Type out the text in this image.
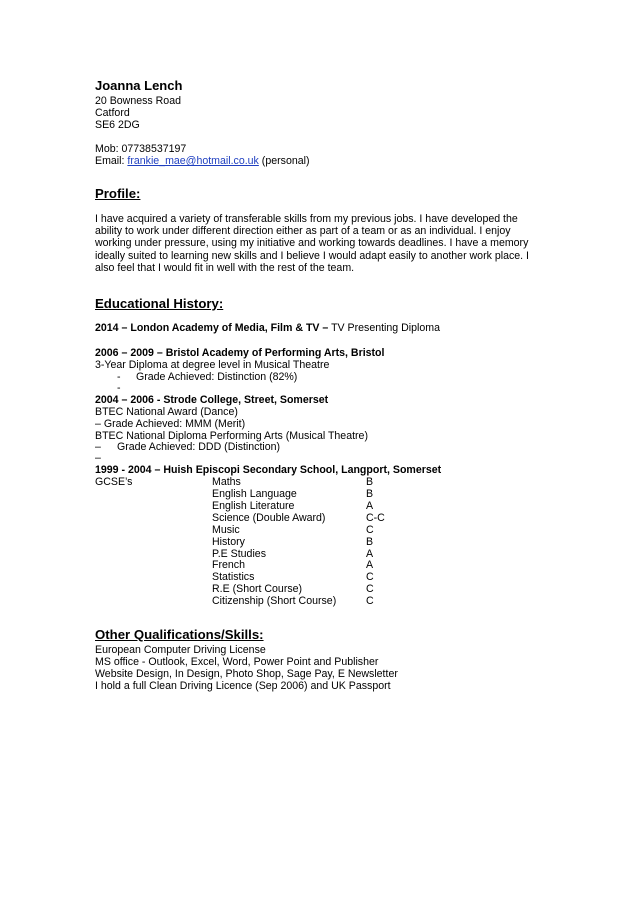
Joanna Lench
20 Bowness Road
Catford
SE6 2DG
Mob: 07738537197
Email: frankie_mae@hotmail.co.uk (personal)
Profile:
I have acquired a variety of transferable skills from my previous jobs. I have developed the
ability to work under different direction either as part of a team or as an individual. I enjoy
working under pressure, using my initiative and working towards deadlines. I have a memory
ideally suited to learning new skills and I believe I would adapt easily to another work place. I
also feel that I would fit in well with the rest of the team.
Educational History:
2014 – London Academy of Media, Film & TV – TV Presenting Diploma
2006 – 2009 – Bristol Academy of Performing Arts, Bristol
3-Year Diploma at degree level in Musical Theatre
- Grade Achieved: Distinction (82%)
-
2004 – 2006 - Strode College, Street, Somerset
BTEC National Award (Dance)
– Grade Achieved: MMM (Merit)
BTEC National Diploma Performing Arts (Musical Theatre)
– Grade Achieved: DDD (Distinction)
–
1999 - 2004 – Huish Episcopi Secondary School, Langport, Somerset
GCSE’s	Maths	B
English Language	B
English Literature	A
Science (Double Award)	C-C
Music	C
History	B
P.E Studies	A
French	A
Statistics	C
R.E (Short Course)	C
Citizenship (Short Course)	C
Other Qualifications/Skills:
European Computer Driving License
MS office - Outlook, Excel, Word, Power Point and Publisher
Website Design, In Design, Photo Shop, Sage Pay, E Newsletter
I hold a full Clean Driving Licence (Sep 2006) and UK Passport
